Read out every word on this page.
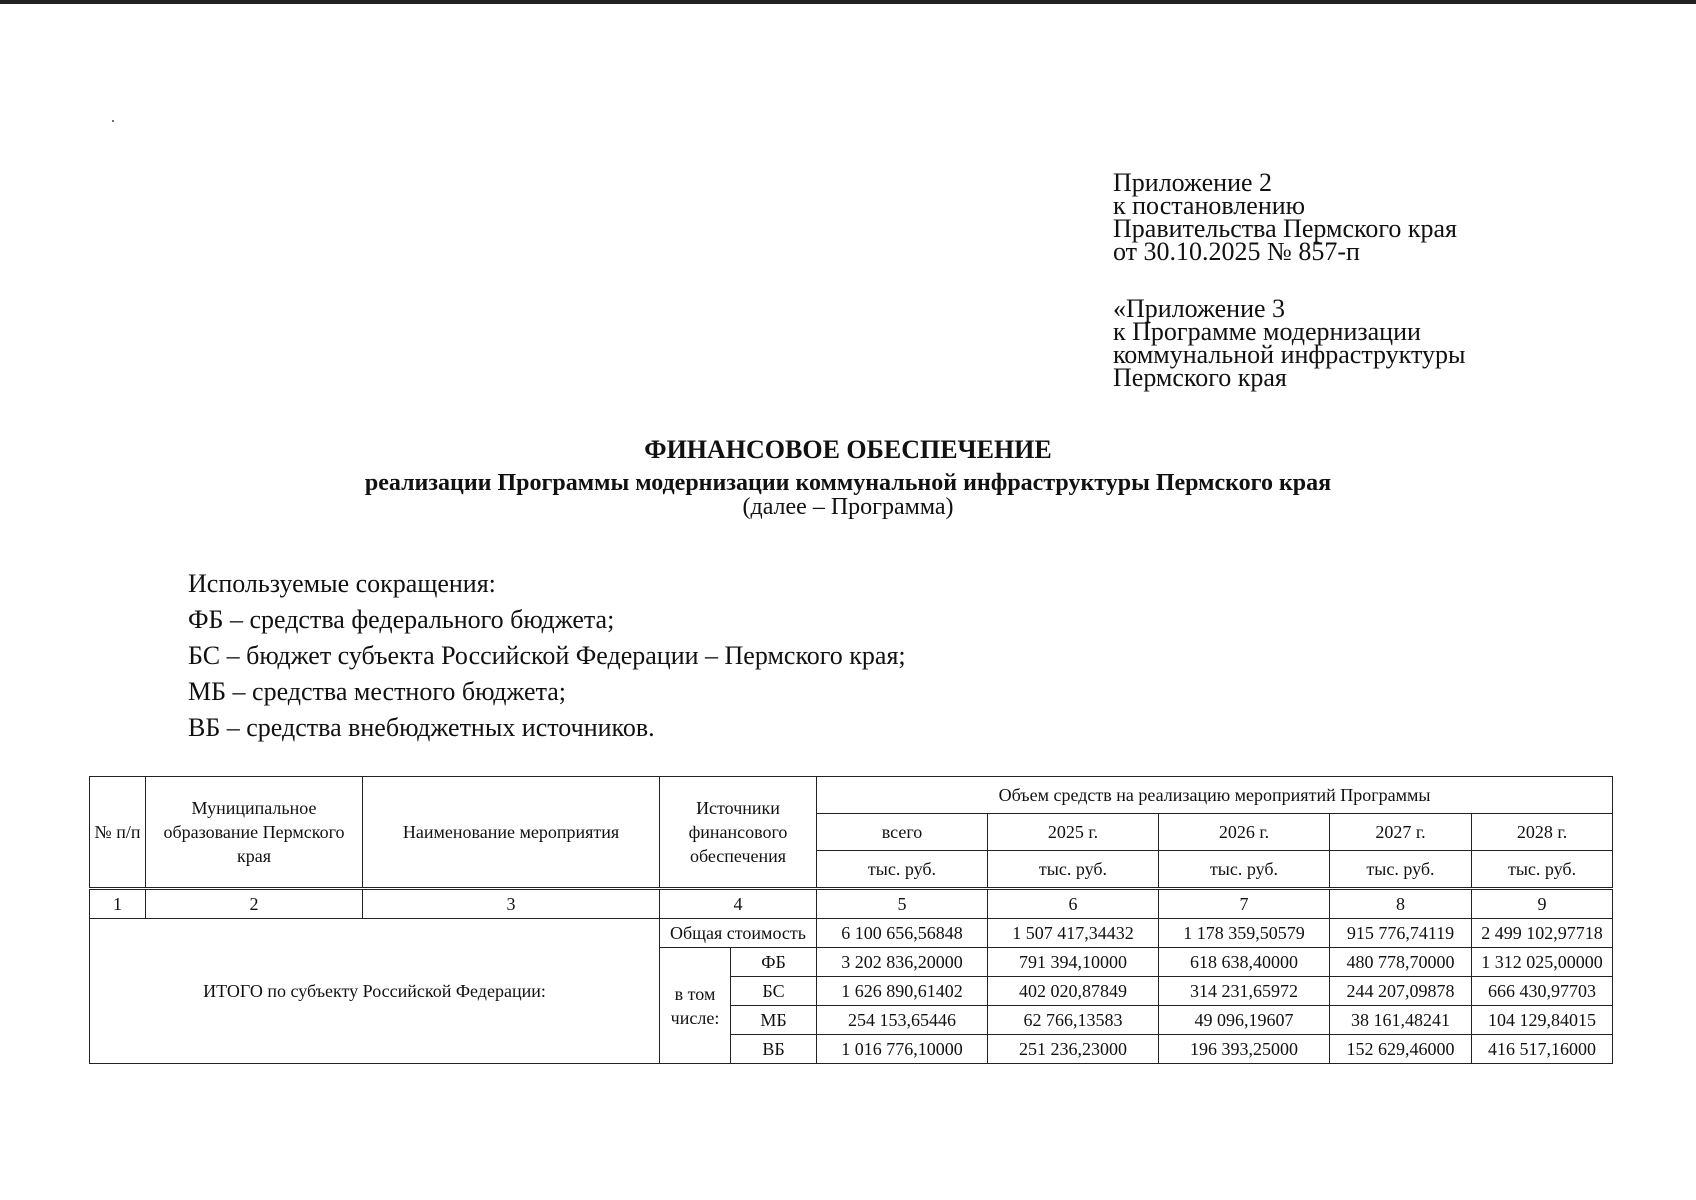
Приложение 2
к постановлению
Правительства Пермского края
от 30.10.2025 № 857-п
«Приложение 3
к Программе модернизации
коммунальной инфраструктуры
Пермского края
ФИНАНСОВОЕ ОБЕСПЕЧЕНИЕ
реализации Программы модернизации коммунальной инфраструктуры Пермского края
(далее – Программа)
Используемые сокращения:
ФБ – средства федерального бюджета;
БС – бюджет субъекта Российской Федерации – Пермского края;
МБ – средства местного бюджета;
ВБ – средства внебюджетных источников.
№ п/п	Муниципальное образование Пермского края	Наименование мероприятия	Источники финансового обеспечения		Объем средств на реализацию мероприятий Программы				
					всего	2025 г.	2026 г.	2027 г.	2028 г.
					тыс. руб.	тыс. руб.	тыс. руб.	тыс. руб.	тыс. руб.
1	2	3	4		5	6	7	8	9
ИТОГО по субъекту Российской Федерации:			Общая стоимость		6 100 656,56848	1 507 417,34432	1 178 359,50579	915 776,74119	2 499 102,97718
			в том числе:	ФБ	3 202 836,20000	791 394,10000	618 638,40000	480 778,70000	1 312 025,00000
				БС	1 626 890,61402	402 020,87849	314 231,65972	244 207,09878	666 430,97703
				МБ	254 153,65446	62 766,13583	49 096,19607	38 161,48241	104 129,84015
				ВБ	1 016 776,10000	251 236,23000	196 393,25000	152 629,46000	416 517,16000
